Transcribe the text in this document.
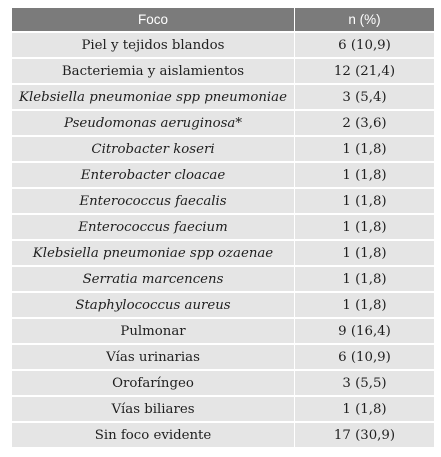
Foco	n (%)
Piel y tejidos blandos	6 (10,9)
Bacteriemia y aislamientos	12 (21,4)
Klebsiella pneumoniae spp pneumoniae	3 (5,4)
Pseudomonas aeruginosa*	2 (3,6)
Citrobacter koseri	1 (1,8)
Enterobacter cloacae	1 (1,8)
Enterococcus faecalis	1 (1,8)
Enterococcus faecium	1 (1,8)
Klebsiella pneumoniae spp ozaenae	1 (1,8)
Serratia marcencens	1 (1,8)
Staphylococcus aureus	1 (1,8)
Pulmonar	9 (16,4)
Vías urinarias	6 (10,9)
Orofaríngeo	3 (5,5)
Vías biliares	1 (1,8)
Sin foco evidente	17 (30,9)
